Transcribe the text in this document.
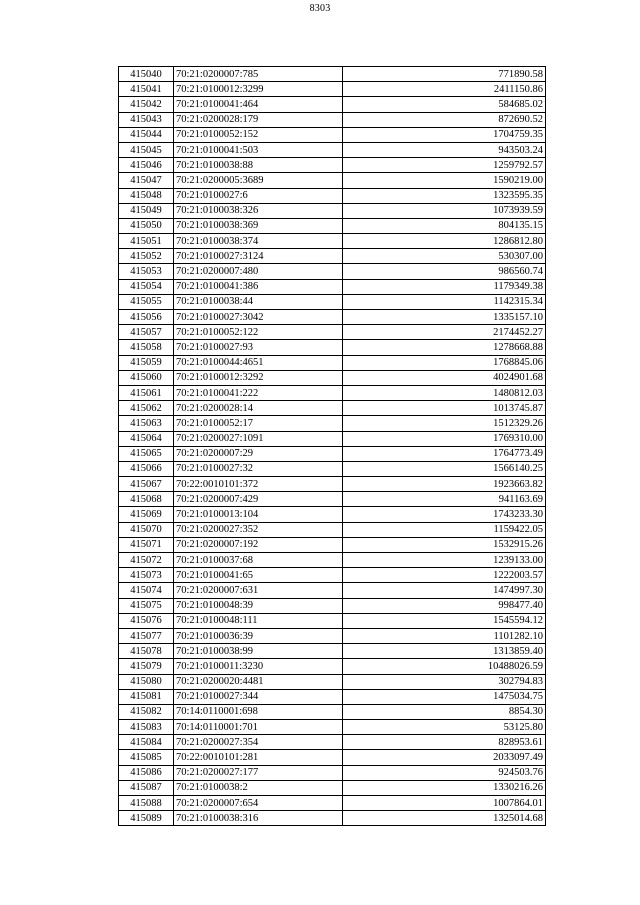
8303
415040	70:21:0200007:785	771890.58
415041	70:21:0100012:3299	2411150.86
415042	70:21:0100041:464	584685.02
415043	70:21:0200028:179	872690.52
415044	70:21:0100052:152	1704759.35
415045	70:21:0100041:503	943503.24
415046	70:21:0100038:88	1259792.57
415047	70:21:0200005:3689	1590219.00
415048	70:21:0100027:6	1323595.35
415049	70:21:0100038:326	1073939.59
415050	70:21:0100038:369	804135.15
415051	70:21:0100038:374	1286812.80
415052	70:21:0100027:3124	530307.00
415053	70:21:0200007:480	986560.74
415054	70:21:0100041:386	1179349.38
415055	70:21:0100038:44	1142315.34
415056	70:21:0100027:3042	1335157.10
415057	70:21:0100052:122	2174452.27
415058	70:21:0100027:93	1278668.88
415059	70:21:0100044:4651	1768845.06
415060	70:21:0100012:3292	4024901.68
415061	70:21:0100041:222	1480812.03
415062	70:21:0200028:14	1013745.87
415063	70:21:0100052:17	1512329.26
415064	70:21:0200027:1091	1769310.00
415065	70:21:0200007:29	1764773.49
415066	70:21:0100027:32	1566140.25
415067	70:22:0010101:372	1923663.82
415068	70:21:0200007:429	941163.69
415069	70:21:0100013:104	1743233.30
415070	70:21:0200027:352	1159422.05
415071	70:21:0200007:192	1532915.26
415072	70:21:0100037:68	1239133.00
415073	70:21:0100041:65	1222003.57
415074	70:21:0200007:631	1474997.30
415075	70:21:0100048:39	998477.40
415076	70:21:0100048:111	1545594.12
415077	70:21:0100036:39	1101282.10
415078	70:21:0100038:99	1313859.40
415079	70:21:0100011:3230	10488026.59
415080	70:21:0200020:4481	302794.83
415081	70:21:0100027:344	1475034.75
415082	70:14:0110001:698	8854.30
415083	70:14:0110001:701	53125.80
415084	70:21:0200027:354	828953.61
415085	70:22:0010101:281	2033097.49
415086	70:21:0200027:177	924503.76
415087	70:21:0100038:2	1330216.26
415088	70:21:0200007:654	1007864.01
415089	70:21:0100038:316	1325014.68
